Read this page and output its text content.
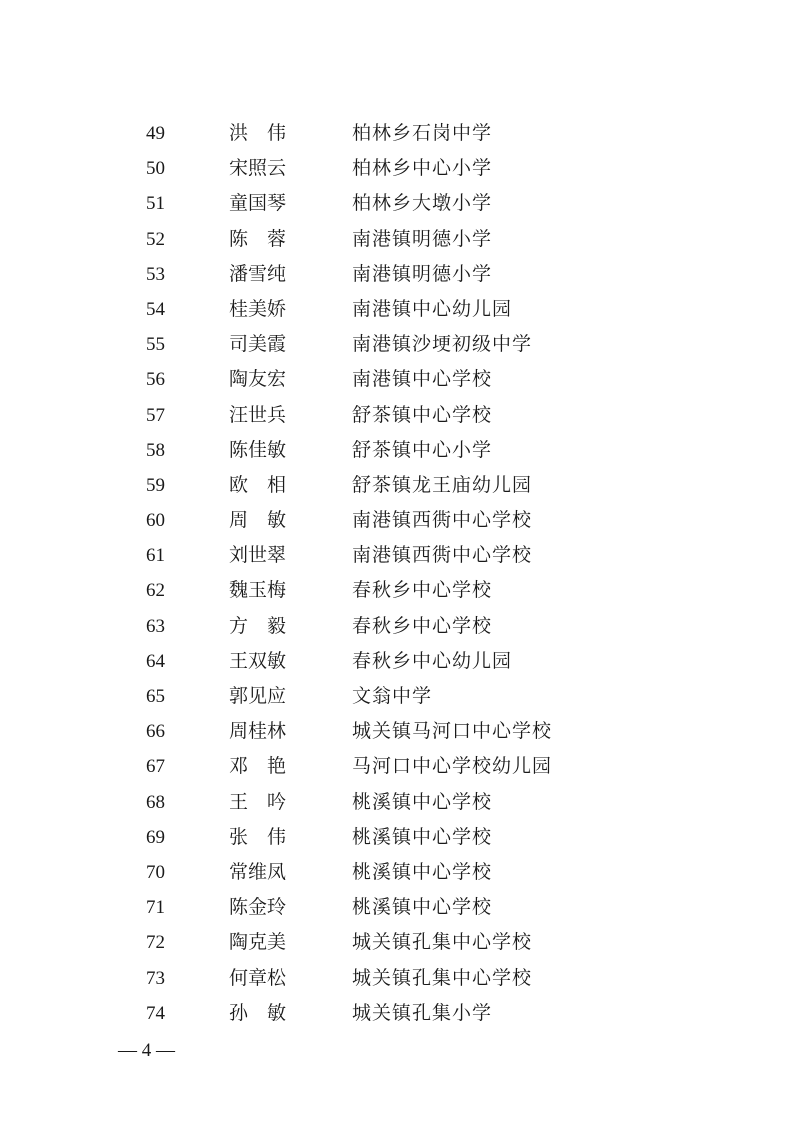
49	洪　伟	柏林乡石岗中学
50	宋照云	柏林乡中心小学
51	童国琴	柏林乡大墩小学
52	陈　蓉	南港镇明德小学
53	潘雪纯	南港镇明德小学
54	桂美娇	南港镇中心幼儿园
55	司美霞	南港镇沙埂初级中学
56	陶友宏	南港镇中心学校
57	汪世兵	舒茶镇中心学校
58	陈佳敏	舒茶镇中心小学
59	欧　相	舒茶镇龙王庙幼儿园
60	周　敏	南港镇西衖中心学校
61	刘世翠	南港镇西衖中心学校
62	魏玉梅	春秋乡中心学校
63	方　毅	春秋乡中心学校
64	王双敏	春秋乡中心幼儿园
65	郭见应	文翁中学
66	周桂林	城关镇马河口中心学校
67	邓　艳	马河口中心学校幼儿园
68	王　吟	桃溪镇中心学校
69	张　伟	桃溪镇中心学校
70	常维凤	桃溪镇中心学校
71	陈金玲	桃溪镇中心学校
72	陶克美	城关镇孔集中心学校
73	何章松	城关镇孔集中心学校
74	孙　敏	城关镇孔集小学
— 4 —
